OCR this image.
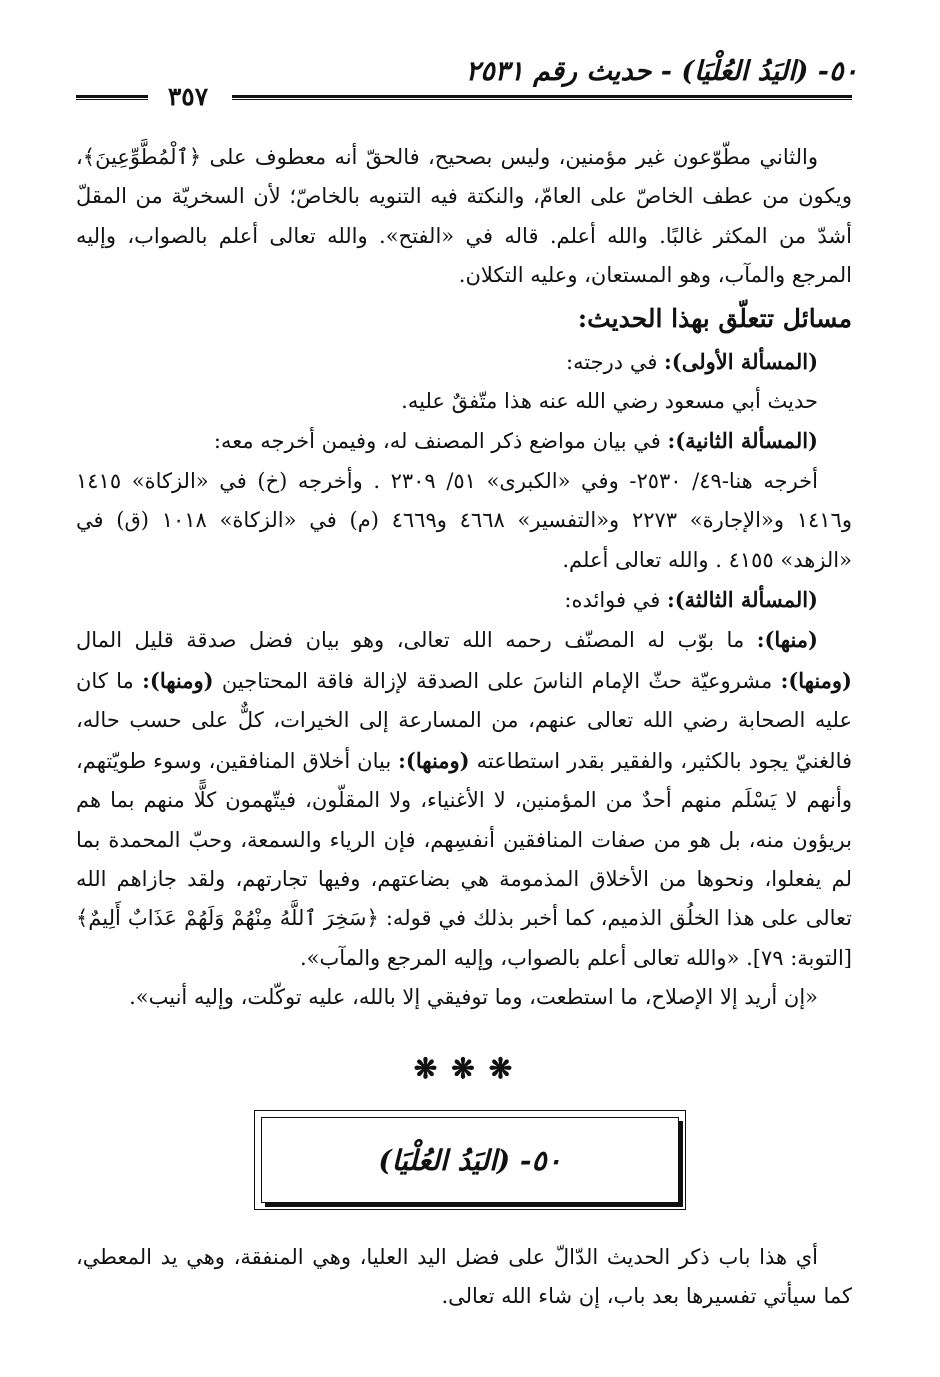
٥٠- (اليَدُ العُلْيَا) - حديث رقم ٢٥٣١
٣٥٧

والثاني مطّوّعون غير مؤمنين، وليس بصحيح، فالحقّ أنه معطوف على ﴿ٱلْمُطَّوِّعِينَ﴾، ويكون من عطف الخاصّ على العامّ، والنكتة فيه التنويه بالخاصّ؛ لأن السخريّة من المقلّ أشدّ من المكثر غالبًا. والله أعلم. قاله في «الفتح». والله تعالى أعلم بالصواب، وإليه المرجع والمآب، وهو المستعان، وعليه التكلان.

مسائل تتعلّق بهذا الحديث:

(المسألة الأولى): في درجته:

حديث أبي مسعود رضي الله عنه هذا متّفقٌ عليه.

(المسألة الثانية): في بيان مواضع ذكر المصنف له، وفيمن أخرجه معه:

أخرجه هنا-٤٩/ ٢٥٣٠- وفي «الكبرى» ٥١/ ٢٣٠٩ . وأخرجه (خ) في «الزكاة» ١٤١٥ و١٤١٦ و«الإجارة» ٢٢٧٣ و«التفسير» ٤٦٦٨ و٤٦٦٩ (م) في «الزكاة» ١٠١٨ (ق) في «الزهد» ٤١٥٥ . والله تعالى أعلم.

(المسألة الثالثة): في فوائده:

(منها): ما بوّب له المصنّف رحمه الله تعالى، وهو بيان فضل صدقة قليل المال (ومنها): مشروعيّة حثّ الإمام الناسَ على الصدقة لإزالة فاقة المحتاجين (ومنها): ما كان عليه الصحابة رضي الله تعالى عنهم، من المسارعة إلى الخيرات، كلٌّ على حسب حاله، فالغنيّ يجود بالكثير، والفقير بقدر استطاعته (ومنها): بيان أخلاق المنافقين، وسوء طويّتهم، وأنهم لا يَسْلَم منهم أحدٌ من المؤمنين، لا الأغنياء، ولا المقلّون، فيتّهمون كلًّا منهم بما هم بريؤون منه، بل هو من صفات المنافقين أنفسِهم، فإن الرياء والسمعة، وحبّ المحمدة بما لم يفعلوا، ونحوها من الأخلاق المذمومة هي بضاعتهم، وفيها تجارتهم، ولقد جازاهم الله تعالى على هذا الخلُق الذميم، كما أخبر بذلك في قوله: ﴿سَخِرَ ٱللَّهُ مِنْهُمْ وَلَهُمْ عَذَابٌ أَلِيمٌ﴾ [التوبة: ٧٩]. «والله تعالى أعلم بالصواب، وإليه المرجع والمآب».

«إن أريد إلا الإصلاح، ما استطعت، وما توفيقي إلا بالله، عليه توكّلت، وإليه أنيب».

❋❋❋
٥٠- (اليَدُ العُلْيَا)

أي هذا باب ذكر الحديث الدّالّ على فضل اليد العليا، وهي المنفقة، وهي يد المعطي، كما سيأتي تفسيرها بعد باب، إن شاء الله تعالى.
